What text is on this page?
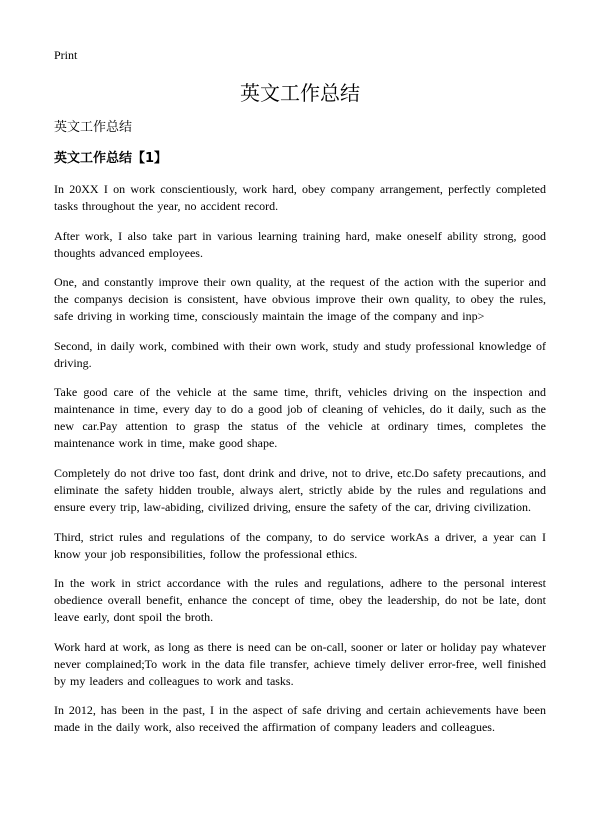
Print
英文工作总结
英文工作总结
英文工作总结【1】

In 20XX I on work conscientiously, work hard, obey company arrangement, perfectly completed tasks throughout the year, no accident record.

After work, I also take part in various learning training hard, make oneself ability strong, good thoughts advanced employees.

One, and constantly improve their own quality, at the request of the action with the superior and the companys decision is consistent, have obvious improve their own quality, to obey the rules, safe driving in working time, consciously maintain the image of the company and inp>

Second, in daily work, combined with their own work, study and study professional knowledge of driving.

Take good care of the vehicle at the same time, thrift, vehicles driving on the inspection and maintenance in time, every day to do a good job of cleaning of vehicles, do it daily, such as the new car.Pay attention to grasp the status of the vehicle at ordinary times, completes the maintenance work in time, make good shape.

Completely do not drive too fast, dont drink and drive, not to drive, etc.Do safety precautions, and eliminate the safety hidden trouble, always alert, strictly abide by the rules and regulations and ensure every trip, law-abiding, civilized driving, ensure the safety of the car, driving civilization.

Third, strict rules and regulations of the company, to do service workAs a driver, a year can I know your job responsibilities, follow the professional ethics.

In the work in strict accordance with the rules and regulations, adhere to the personal interest obedience overall benefit, enhance the concept of time, obey the leadership, do not be late, dont leave early, dont spoil the broth.

Work hard at work, as long as there is need can be on-call, sooner or later or holiday pay whatever never complained;To work in the data file transfer, achieve timely deliver error-free, well finished by my leaders and colleagues to work and tasks.

In 2012, has been in the past, I in the aspect of safe driving and certain achievements have been made in the daily work, also received the affirmation of company leaders and colleagues.
